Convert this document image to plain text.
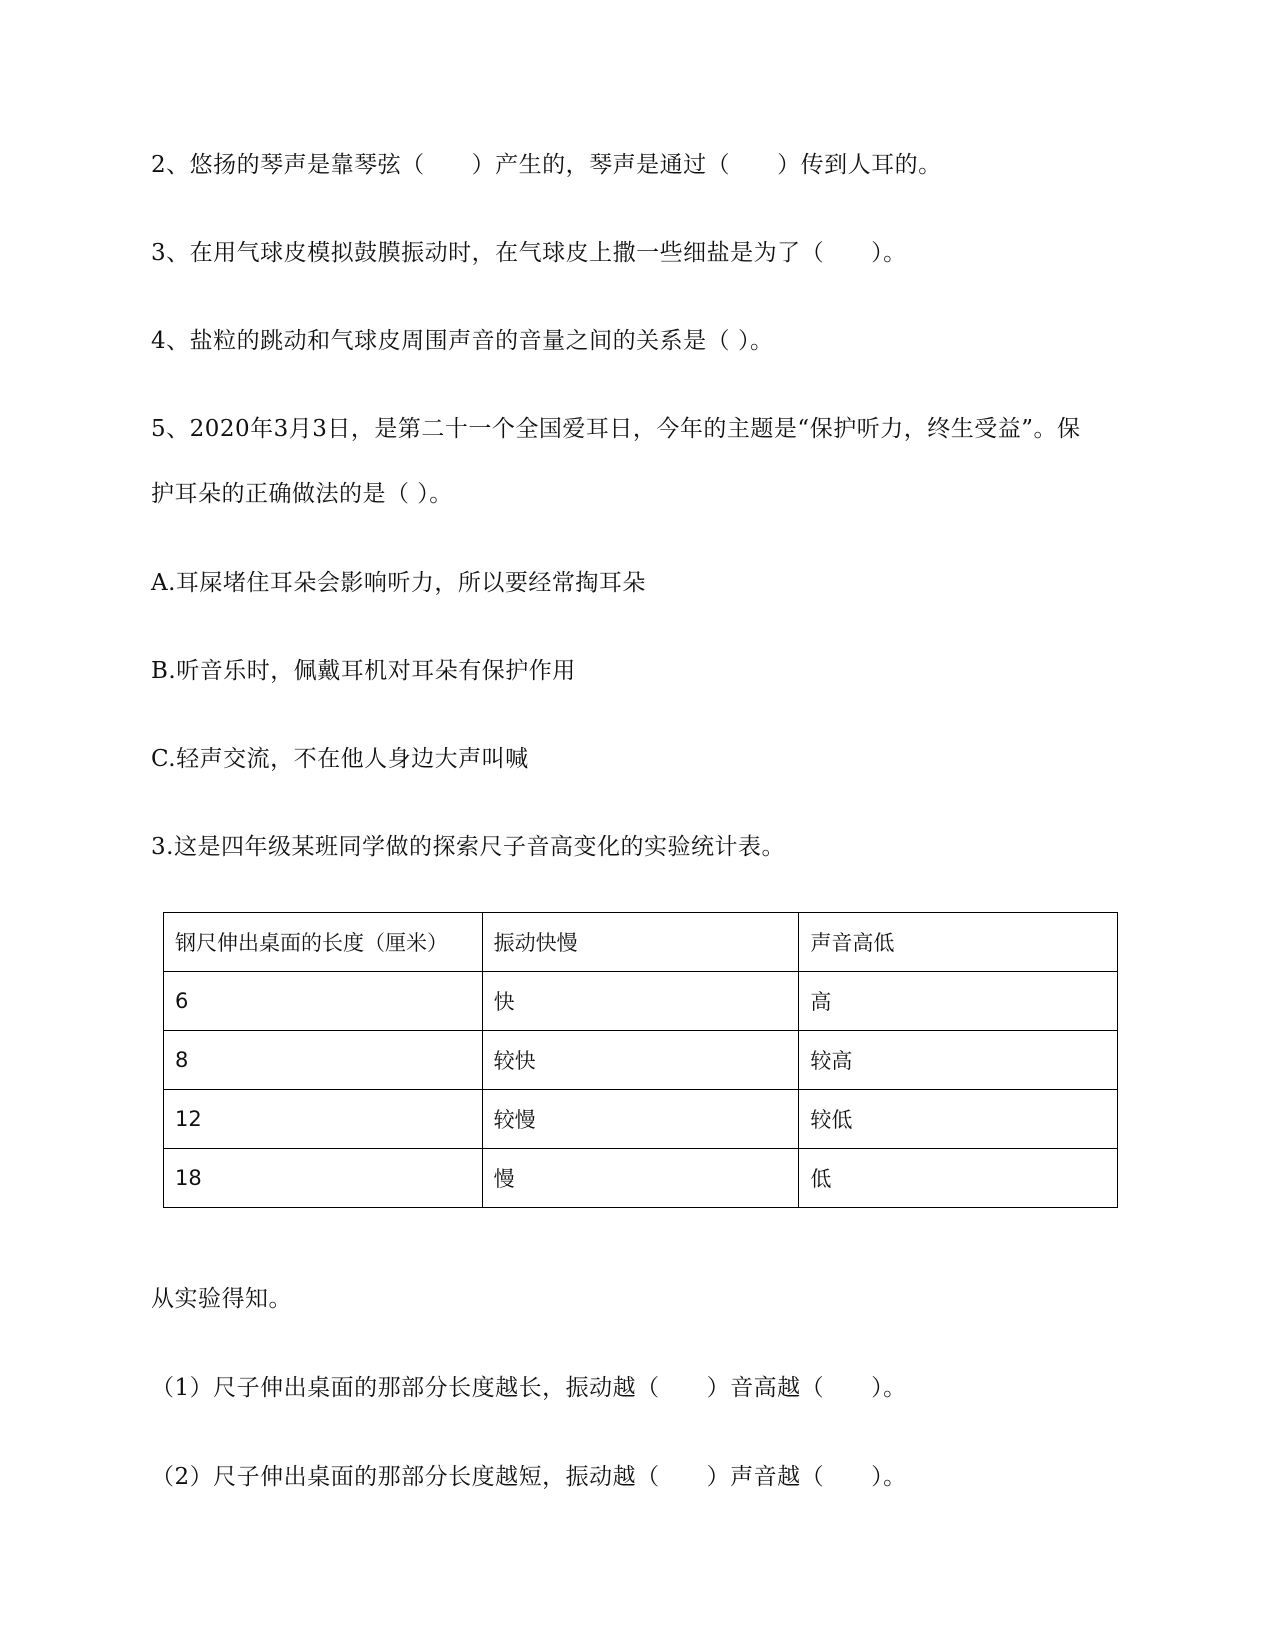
2、悠扬的琴声是靠琴弦（　　）产生的，琴声是通过（　　）传到人耳的。
3、在用气球皮模拟鼓膜振动时，在气球皮上撒一些细盐是为了（　　）。
4、盐粒的跳动和气球皮周围声音的音量之间的关系是（ ）。
5、2020年3月3日，是第二十一个全国爱耳日，今年的主题是“保护听力，终生受益”。保
护耳朵的正确做法的是（ ）。
A.耳屎堵住耳朵会影响听力，所以要经常掏耳朵
B.听音乐时，佩戴耳机对耳朵有保护作用
C.轻声交流，不在他人身边大声叫喊
3.这是四年级某班同学做的探索尺子音高变化的实验统计表。
钢尺伸出桌面的长度（厘米）	振动快慢	声音高低
6	快	高
8	较快	较高
12	较慢	较低
18	慢	低
从实验得知。
（1）尺子伸出桌面的那部分长度越长，振动越（　　）音高越（　　）。
（2）尺子伸出桌面的那部分长度越短，振动越（　　）声音越（　　）。
